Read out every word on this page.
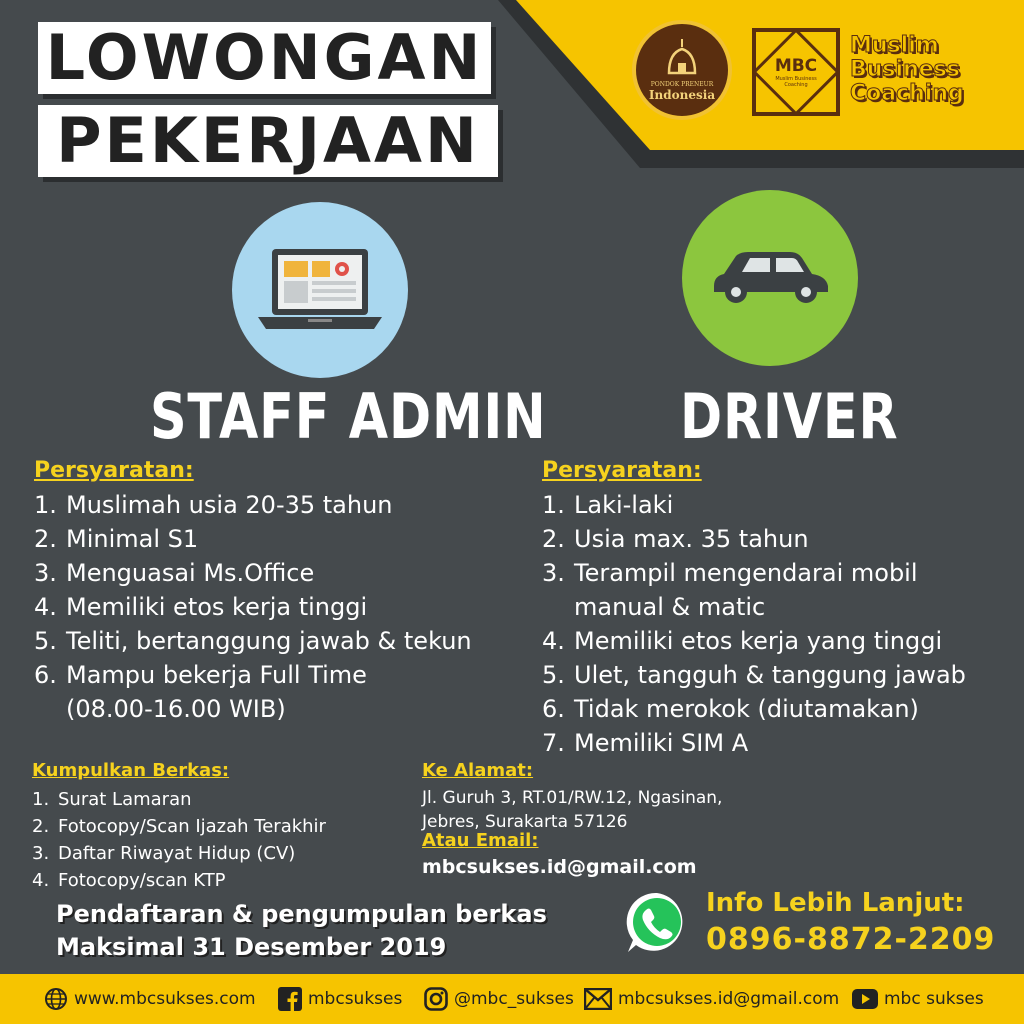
LOWONGAN
PEKERJAAN
PONDOK PRENEUR
Indonesia
MBC
Muslim Business Coaching
Muslim
Business
Coaching
STAFF ADMIN DRIVER
Persyaratan:	Persyaratan:
1. Muslimah usia 20-35 tahun
2. Minimal S1
3. Menguasai Ms.Office
4. Memiliki etos kerja tinggi
5. Teliti, bertanggung jawab & tekun
6. Mampu bekerja Full Time
(08.00-16.00 WIB)
1. Laki-laki
2. Usia max. 35 tahun
3. Terampil mengendarai mobil
manual & matic
4. Memiliki etos kerja yang tinggi
5. Ulet, tangguh & tanggung jawab
6. Tidak merokok (diutamakan)
7. Memiliki SIM A
Kumpulkan Berkas:
1. Surat Lamaran
2. Fotocopy/Scan Ijazah Terakhir
3. Daftar Riwayat Hidup (CV)
4. Fotocopy/scan KTP
Ke Alamat:
Jl. Guruh 3, RT.01/RW.12, Ngasinan,
Jebres, Surakarta 57126
Atau Email:
mbcsukses.id@gmail.com
Pendaftaran & pengumpulan berkas
Maksimal 31 Desember 2019
Info Lebih Lanjut:
0896-8872-2209
www.mbcsukses.com	mbcsukses	@mbc_sukses	mbcsukses.id@gmail.com	mbc sukses
